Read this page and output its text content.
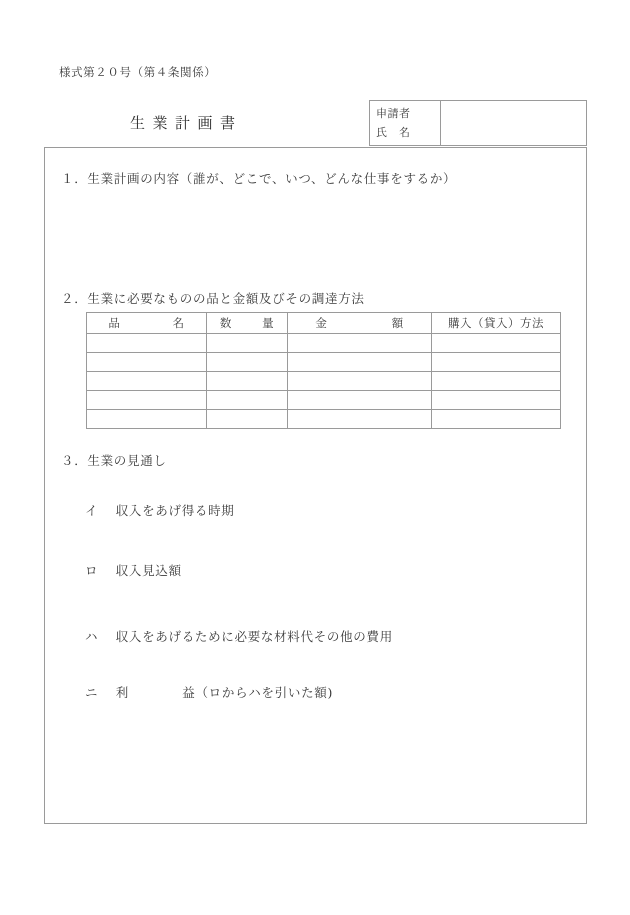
様式第２０号（第４条関係）
生業計画書
申請者
氏　名
１．生業計画の内容（誰が、どこで、いつ、どんな仕事をするか）
２．生業に必要なものの品と金額及びその調達方法
品 名	数 量	金 額	購入（貸入）方法

３．生業の見通し
イ 収入をあげ得る時期
ロ 収入見込額
ハ 収入をあげるために必要な材料代その他の費用
ニ 利	益（ロからハを引いた額)
